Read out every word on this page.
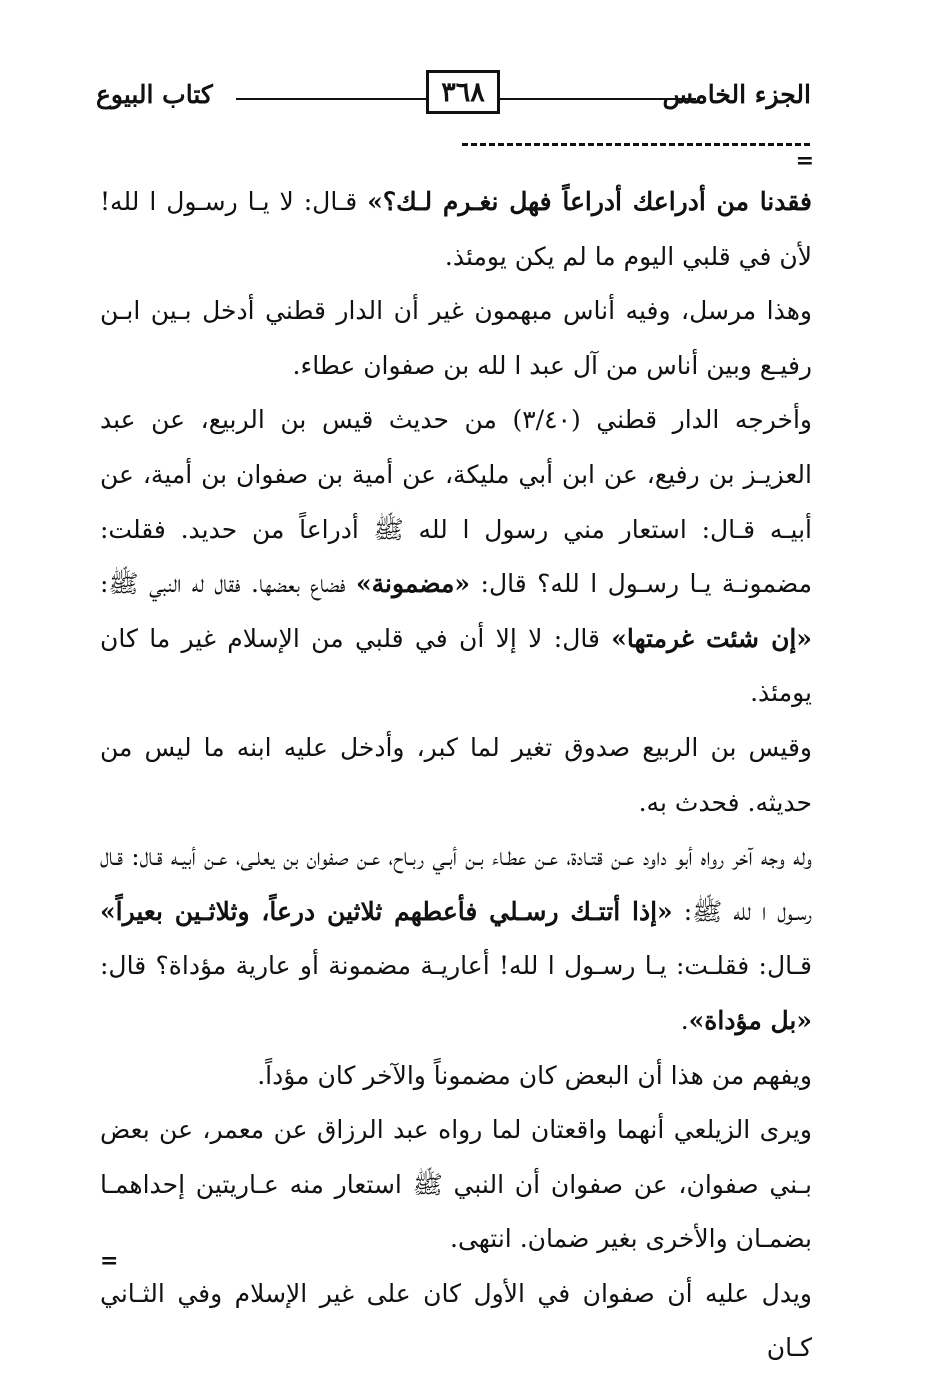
الجزء الخامس
٣٦٨
كتاب البيوع
=

فقدنا من أدراعك أدراعاً فهل نغـرم لـك؟» قـال: لا يـا رسـول ا لله! لأن في قلبي اليوم ما لم يكن يومئذ.

وهذا مرسل، وفيه أناس مبهمون غير أن الدار قطني أدخل بـين ابـن رفيـع وبين أناس من آل عبد ا لله بن صفوان عطاء.

وأخرجه الدار قطني (٣/٤٠) من حديث قيس بن الربيع، عن عبد العزيـز بن رفيع، عن ابن أبي مليكة، عن أمية بن صفوان بن أمية، عن أبيـه قـال: استعار مني رسول ا لله ﷺ أدراعاً من حديد. فقلت: مضمونـة يـا رسـول ا لله؟ قال: «مضمونة» فضاع بعضها. فقال له النبي ﷺ: «إن شئت غرمتها» قال: لا إلا أن في قلبي من الإسلام غير ما كان يومئذ.

وقيس بن الربيع صدوق تغير لما كبر، وأدخل عليه ابنه ما ليس من حديثه. فحدث به.

وله وجه آخر رواه أبو داود عـن قتـادة، عـن عطـاء بـن أبـي ربـاح، عـن صفوان بن يعلـى، عـن أبيـه قـال: قـال رسـول ا لله ﷺ: «إذا أتتـك رسـلي فأعطهم ثلاثين درعاً، وثلاثـين بعيراً» قـال: فقلـت: يـا رسـول ا لله! أعاريـة مضمونة أو عارية مؤداة؟ قال: «بل مؤداة».

ويفهم من هذا أن البعض كان مضموناً والآخر كان مؤداً.

ويرى الزيلعي أنهما واقعتان لما رواه عبد الرزاق عن معمر، عن بعض بـني صفوان، عن صفوان أن النبي ﷺ استعار منه عـاريتين إحداهمـا بضمـان والأخرى بغير ضمان. انتهى.

ويدل عليه أن صفوان في الأول كان على غير الإسلام وفي الثـاني كـان

=
